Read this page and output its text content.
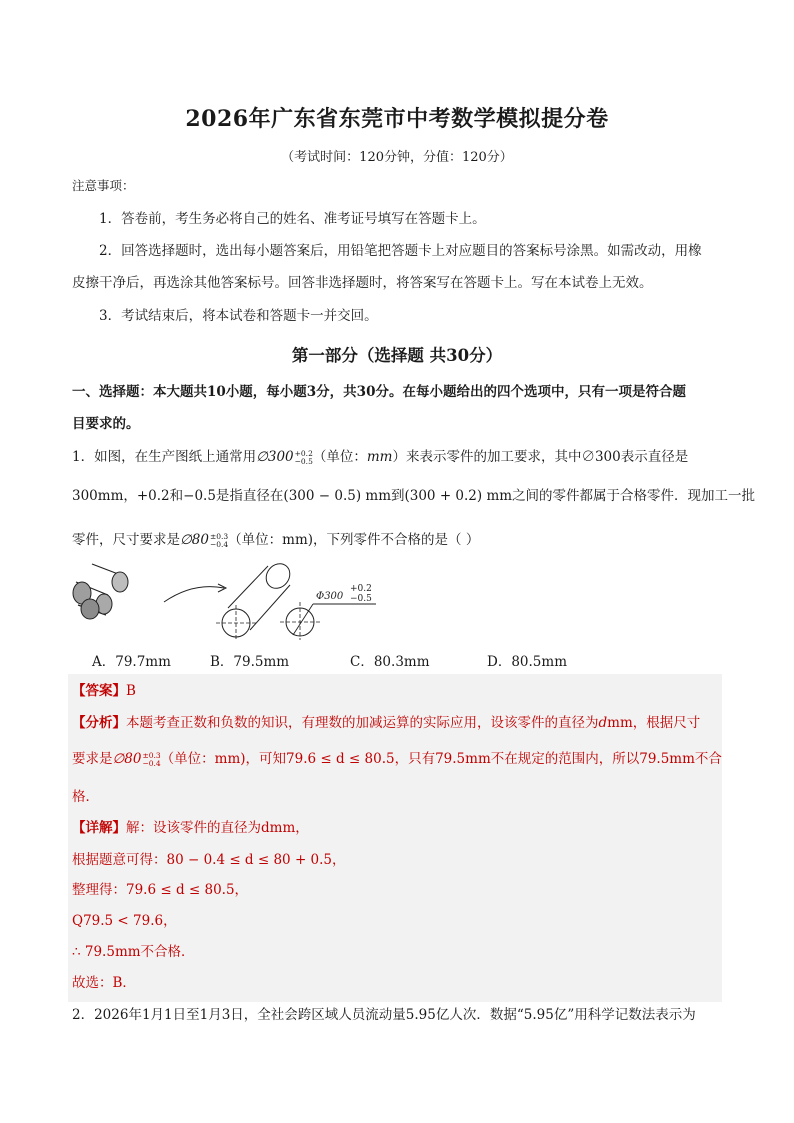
2026年广东省东莞市中考数学模拟提分卷
（考试时间：120分钟，分值：120分）
注意事项：
1．答卷前，考生务必将自己的姓名、准考证号填写在答题卡上。
2．回答选择题时，选出每小题答案后，用铅笔把答题卡上对应题目的答案标号涂黑。如需改动，用橡
皮擦干净后，再选涂其他答案标号。回答非选择题时，将答案写在答题卡上。写在本试卷上无效。
3．考试结束后，将本试卷和答题卡一并交回。
第一部分（选择题 共30分）
一、选择题：本大题共10小题，每小题3分，共30分。在每小题给出的四个选项中，只有一项是符合题
目要求的。
1．如图，在生产图纸上通常用∅300+0.2
−0.5（单位：mm）来表示零件的加工要求，其中∅300表示直径是
300mm，+0.2和−0.5是指直径在(300 − 0.5) mm到(300 + 0.2) mm之间的零件都属于合格零件．现加工一批
零件，尺寸要求是∅80±0.3
−0.4（单位：mm)，下列零件不合格的是（ ）
Φ300
+0.2
−0.5
A．79.7mm	B．79.5mm	C．80.3mm	D．80.5mm
【答案】B
【分析】本题考查正数和负数的知识，有理数的加减运算的实际应用，设该零件的直径为dmm，根据尺寸
要求是∅80±0.3
−0.4（单位：mm)，可知79.6 ≤ d ≤ 80.5，只有79.5mm不在规定的范围内，所以79.5mm不合
格．
【详解】解：设该零件的直径为dmm，
根据题意可得：80 − 0.4 ≤ d ≤ 80 + 0.5，
整理得：79.6 ≤ d ≤ 80.5，
Q79.5 < 79.6，
∴ 79.5mm不合格．
故选：B．
2．2026年1月1日至1月3日，全社会跨区域人员流动量5.95亿人次．数据“5.95亿”用科学记数法表示为
